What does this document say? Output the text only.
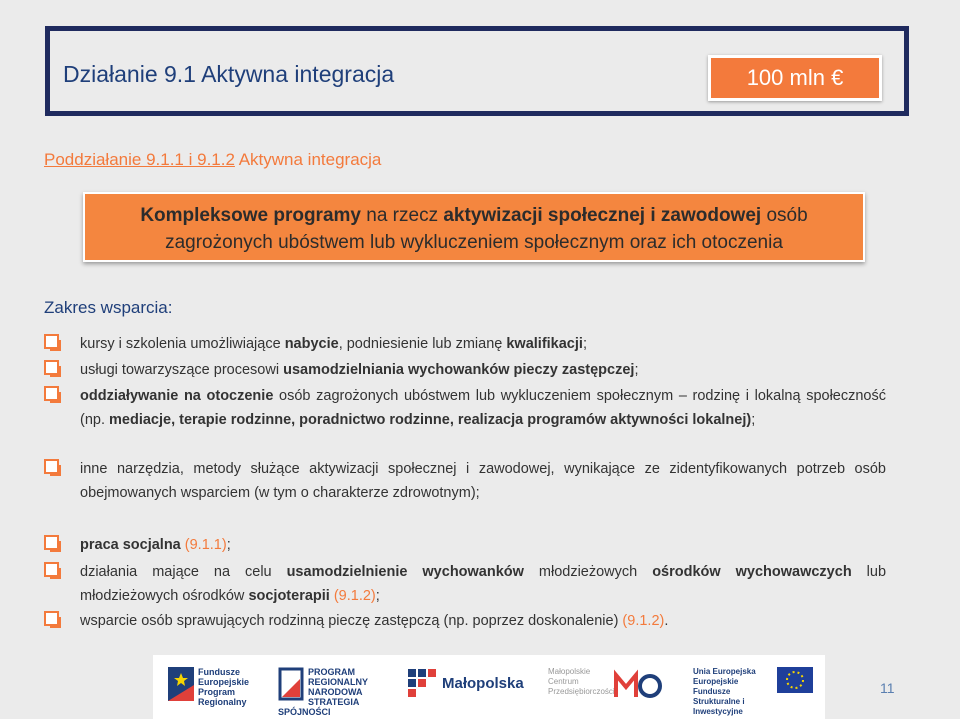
Działanie 9.1 Aktywna integracja	100 mln €
Poddziałanie 9.1.1 i 9.1.2 Aktywna integracja
Kompleksowe programy na rzecz aktywizacji społecznej i zawodowej osób zagrożonych ubóstwem lub wykluczeniem społecznym oraz ich otoczenia
Zakres wsparcia:
kursy i szkolenia umożliwiające nabycie, podniesienie lub zmianę kwalifikacji;
usługi towarzyszące procesowi usamodzielniania wychowanków pieczy zastępczej;
oddziaływanie na otoczenie osób zagrożonych ubóstwem lub wykluczeniem społecznym – rodzinę i lokalną społeczność (np. mediacje, terapie rodzinne, poradnictwo rodzinne, realizacja programów aktywności lokalnej);
inne narzędzia, metody służące aktywizacji społecznej i zawodowej, wynikające ze zidentyfikowanych potrzeb osób obejmowanych wsparciem (w tym o charakterze zdrowotnym);
praca socjalna (9.1.1);
działania mające na celu usamodzielnienie wychowanków młodzieżowych ośrodków wychowawczych lub młodzieżowych ośrodków socjoterapii (9.1.2);
wsparcie osób sprawujących rodzinną pieczę zastępczą (np. poprzez doskonalenie) (9.1.2).
Fundusze Europejskie Program Regionalny
PROGRAM REGIONALNY NARODOWA STRATEGIA SPÓJNOŚCI
Małopolska
Małopolskie Centrum Przedsiębiorczości
Unia Europejska Europejskie Fundusze Strukturalne i Inwestycyjne
11
